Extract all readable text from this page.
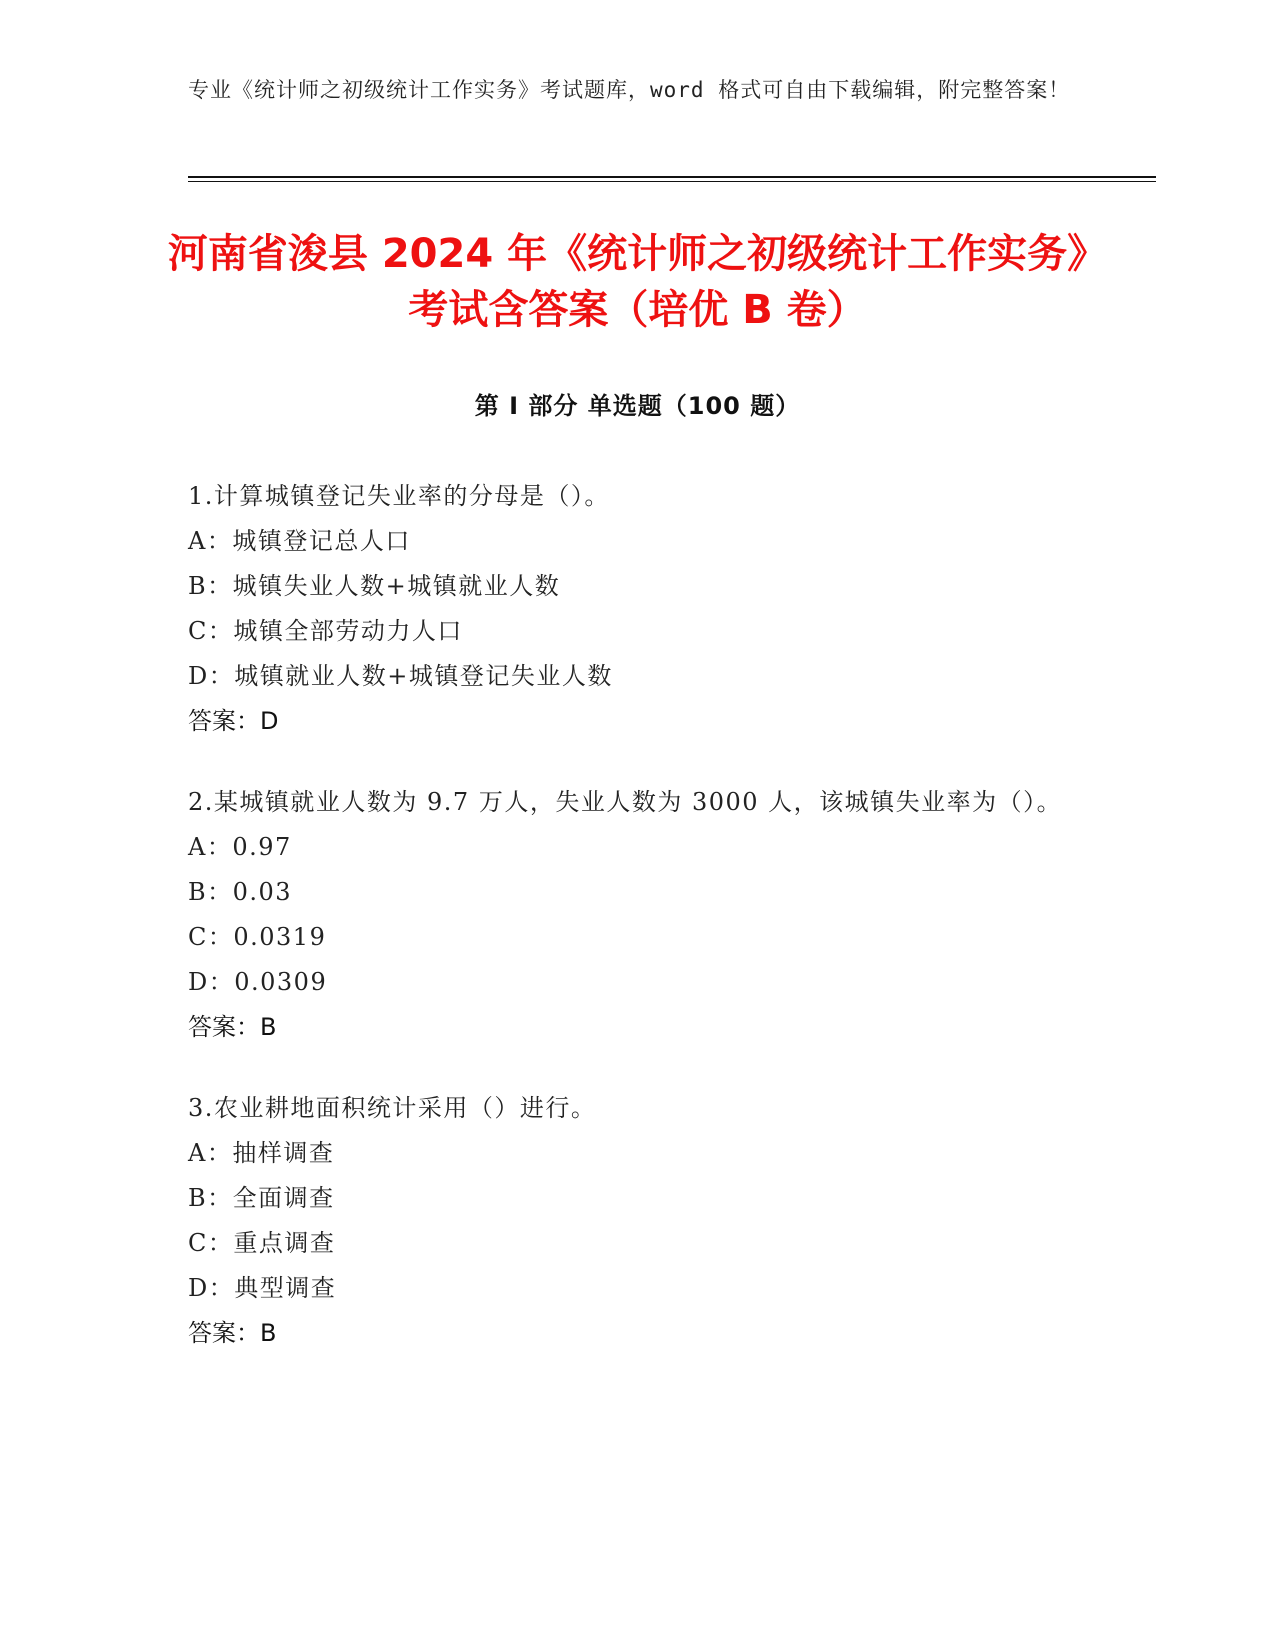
专业《统计师之初级统计工作实务》考试题库，word 格式可自由下载编辑，附完整答案！
河南省浚县 2024 年《统计师之初级统计工作实务》考试含答案（培优 B 卷）
第 I 部分 单选题（100 题）
1.计算城镇登记失业率的分母是（）。
A：城镇登记总人口
B：城镇失业人数+城镇就业人数
C：城镇全部劳动力人口
D：城镇就业人数+城镇登记失业人数
答案：D
2.某城镇就业人数为 9.7 万人，失业人数为 3000 人，该城镇失业率为（）。
A：0.97
B：0.03
C：0.0319
D：0.0309
答案：B
3.农业耕地面积统计采用（）进行。
A：抽样调查
B：全面调查
C：重点调查
D：典型调查
答案：B
